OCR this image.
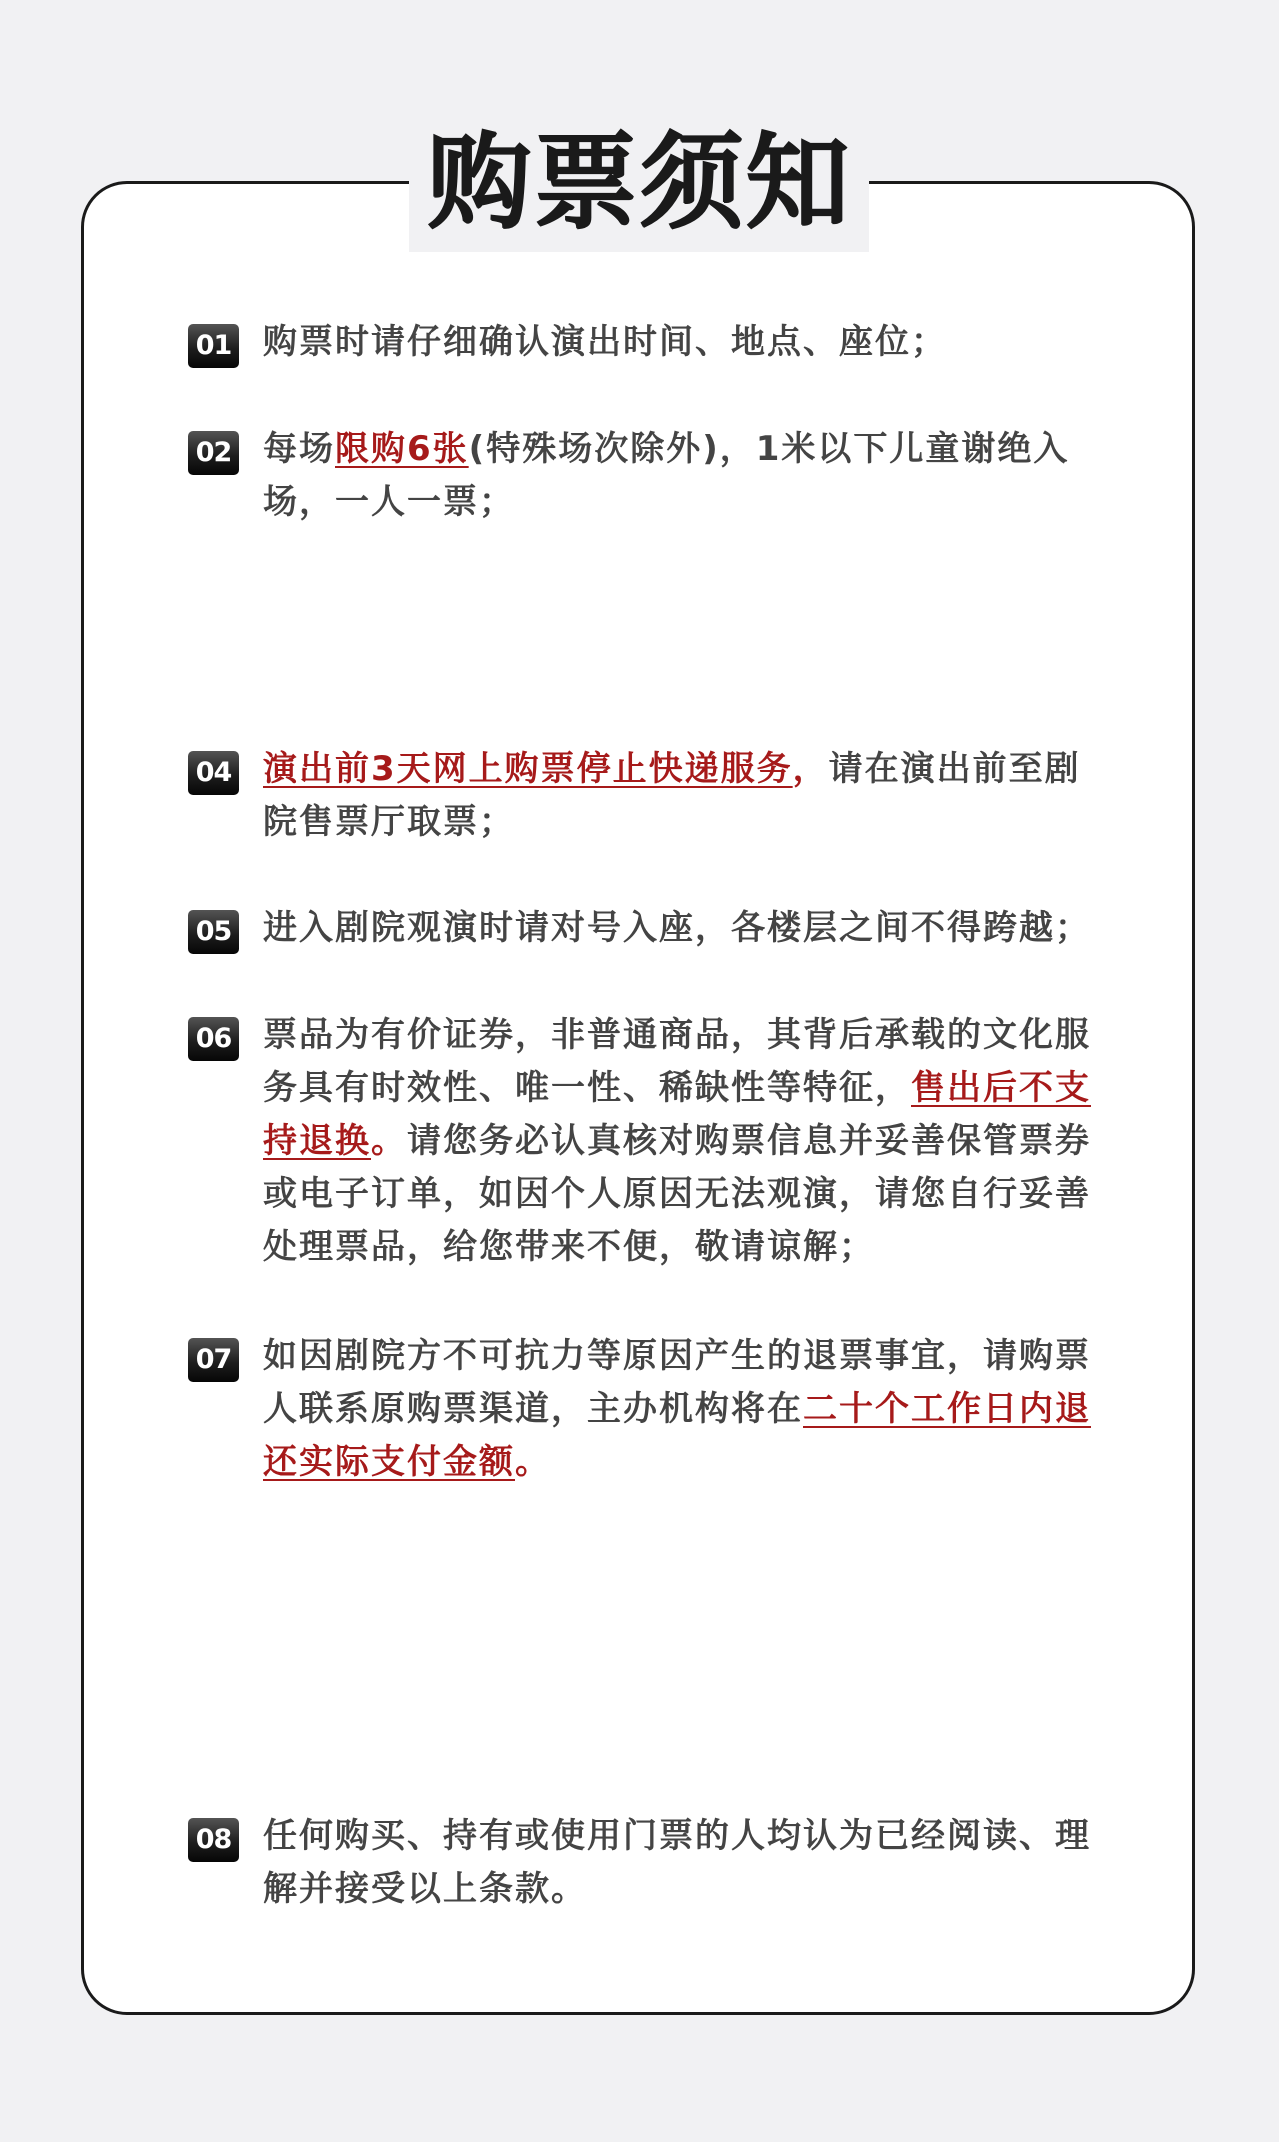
购票须知
01 购票时请仔细确认演出时间、地点、座位；
02 每场限购6张(特殊场次除外)，1米以下儿童谢绝入场，一人一票；
04 演出前3天网上购票停止快递服务，请在演出前至剧院售票厅取票；
05 进入剧院观演时请对号入座，各楼层之间不得跨越；
06 票品为有价证券，非普通商品，其背后承载的文化服务具有时效性、唯一性、稀缺性等特征，售出后不支持退换。请您务必认真核对购票信息并妥善保管票券或电子订单，如因个人原因无法观演，请您自行妥善处理票品，给您带来不便，敬请谅解；
07 如因剧院方不可抗力等原因产生的退票事宜，请购票人联系原购票渠道，主办机构将在二十个工作日内退还实际支付金额。
08 任何购买、持有或使用门票的人均认为已经阅读、理解并接受以上条款。
